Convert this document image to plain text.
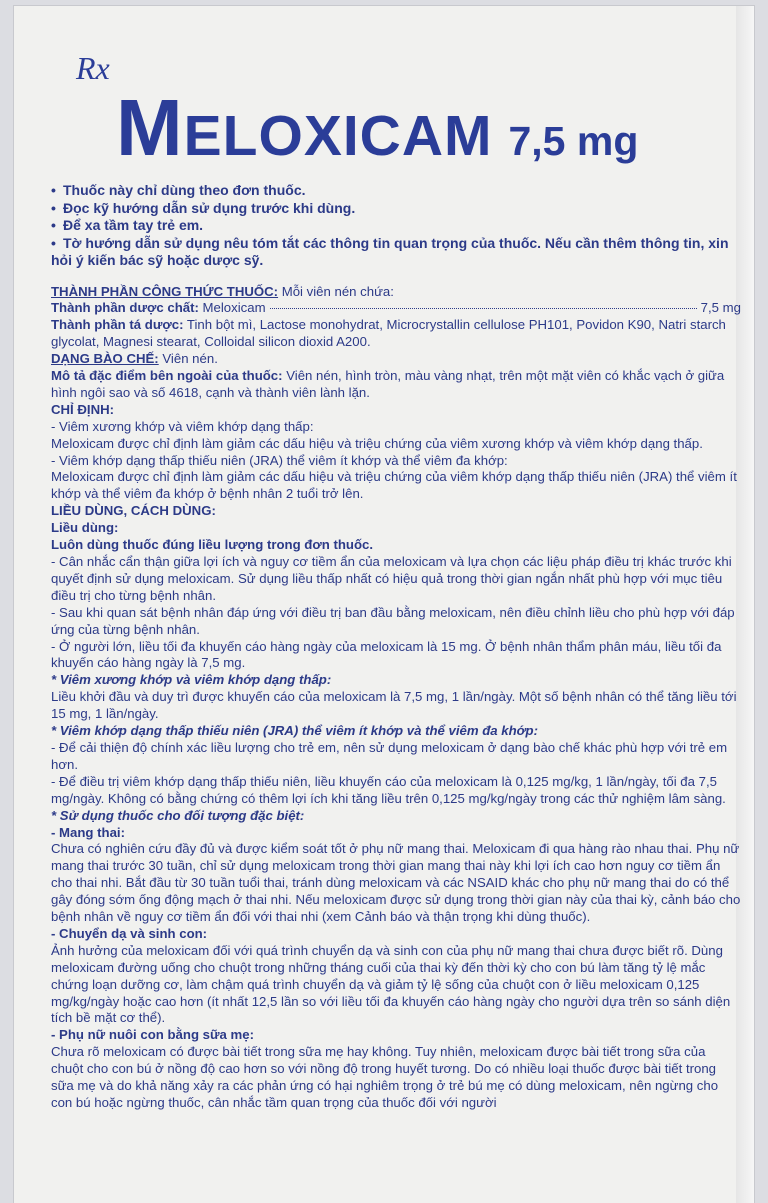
Rx
MELOXICAM 7,5 mg

• Thuốc này chỉ dùng theo đơn thuốc.

• Đọc kỹ hướng dẫn sử dụng trước khi dùng.

• Để xa tầm tay trẻ em.

• Tờ hướng dẫn sử dụng nêu tóm tắt các thông tin quan trọng của thuốc. Nếu cần thêm thông tin, xin hỏi ý kiến bác sỹ hoặc dược sỹ.

THÀNH PHẦN CÔNG THỨC THUỐC: Mỗi viên nén chứa:

Thành phần dược chất: Meloxicam	7,5 mg

Thành phần tá dược: Tinh bột mì, Lactose monohydrat, Microcrystallin cellulose PH101, Povidon K90, Natri starch glycolat, Magnesi stearat, Colloidal silicon dioxid A200.

DẠNG BÀO CHẾ: Viên nén.

Mô tả đặc điểm bên ngoài của thuốc: Viên nén, hình tròn, màu vàng nhạt, trên một mặt viên có khắc vạch ở giữa hình ngôi sao và số 4618, cạnh và thành viên lành lặn.

CHỈ ĐỊNH:

- Viêm xương khớp và viêm khớp dạng thấp:

Meloxicam được chỉ định làm giảm các dấu hiệu và triệu chứng của viêm xương khớp và viêm khớp dạng thấp.

- Viêm khớp dạng thấp thiếu niên (JRA) thể viêm ít khớp và thể viêm đa khớp:

Meloxicam được chỉ định làm giảm các dấu hiệu và triệu chứng của viêm khớp dạng thấp thiếu niên (JRA) thể viêm ít khớp và thể viêm đa khớp ở bệnh nhân 2 tuổi trở lên.

LIỀU DÙNG, CÁCH DÙNG:

Liều dùng:

Luôn dùng thuốc đúng liều lượng trong đơn thuốc.

- Cân nhắc cẩn thận giữa lợi ích và nguy cơ tiềm ẩn của meloxicam và lựa chọn các liệu pháp điều trị khác trước khi quyết định sử dụng meloxicam. Sử dụng liều thấp nhất có hiệu quả trong thời gian ngắn nhất phù hợp với mục tiêu điều trị cho từng bệnh nhân.

- Sau khi quan sát bệnh nhân đáp ứng với điều trị ban đầu bằng meloxicam, nên điều chỉnh liều cho phù hợp với đáp ứng của từng bệnh nhân.

- Ở người lớn, liều tối đa khuyến cáo hàng ngày của meloxicam là 15 mg. Ở bệnh nhân thẩm phân máu, liều tối đa khuyến cáo hàng ngày là 7,5 mg.

* Viêm xương khớp và viêm khớp dạng thấp:

Liều khởi đầu và duy trì được khuyến cáo của meloxicam là 7,5 mg, 1 lần/ngày. Một số bệnh nhân có thể tăng liều tới 15 mg, 1 lần/ngày.

* Viêm khớp dạng thấp thiếu niên (JRA) thể viêm ít khớp và thể viêm đa khớp:

- Để cải thiện độ chính xác liều lượng cho trẻ em, nên sử dụng meloxicam ở dạng bào chế khác phù hợp với trẻ em hơn.

- Để điều trị viêm khớp dạng thấp thiếu niên, liều khuyến cáo của meloxicam là 0,125 mg/kg, 1 lần/ngày, tối đa 7,5 mg/ngày. Không có bằng chứng có thêm lợi ích khi tăng liều trên 0,125 mg/kg/ngày trong các thử nghiệm lâm sàng.

* Sử dụng thuốc cho đối tượng đặc biệt:

- Mang thai:

Chưa có nghiên cứu đầy đủ và được kiểm soát tốt ở phụ nữ mang thai. Meloxicam đi qua hàng rào nhau thai. Phụ nữ mang thai trước 30 tuần, chỉ sử dụng meloxicam trong thời gian mang thai này khi lợi ích cao hơn nguy cơ tiềm ẩn cho thai nhi. Bắt đầu từ 30 tuần tuổi thai, tránh dùng meloxicam và các NSAID khác cho phụ nữ mang thai do có thể gây đóng sớm ống động mạch ở thai nhi. Nếu meloxicam được sử dụng trong thời gian này của thai kỳ, cảnh báo cho bệnh nhân về nguy cơ tiềm ẩn đối với thai nhi (xem Cảnh báo và thận trọng khi dùng thuốc).

- Chuyển dạ và sinh con:

Ảnh hưởng của meloxicam đối với quá trình chuyển dạ và sinh con của phụ nữ mang thai chưa được biết rõ. Dùng meloxicam đường uống cho chuột trong những tháng cuối của thai kỳ đến thời kỳ cho con bú làm tăng tỷ lệ mắc chứng loạn dưỡng cơ, làm chậm quá trình chuyển dạ và giảm tỷ lệ sống của chuột con ở liều meloxicam 0,125 mg/kg/ngày hoặc cao hơn (ít nhất 12,5 lần so với liều tối đa khuyến cáo hàng ngày cho người dựa trên so sánh diện tích bề mặt cơ thể).

- Phụ nữ nuôi con bằng sữa mẹ:

Chưa rõ meloxicam có được bài tiết trong sữa mẹ hay không. Tuy nhiên, meloxicam được bài tiết trong sữa của chuột cho con bú ở nồng độ cao hơn so với nồng độ trong huyết tương. Do có nhiều loại thuốc được bài tiết trong sữa mẹ và do khả năng xảy ra các phản ứng có hại nghiêm trọng ở trẻ bú mẹ có dùng meloxicam, nên ngừng cho con bú hoặc ngừng thuốc, cân nhắc tầm quan trọng của thuốc đối với người
